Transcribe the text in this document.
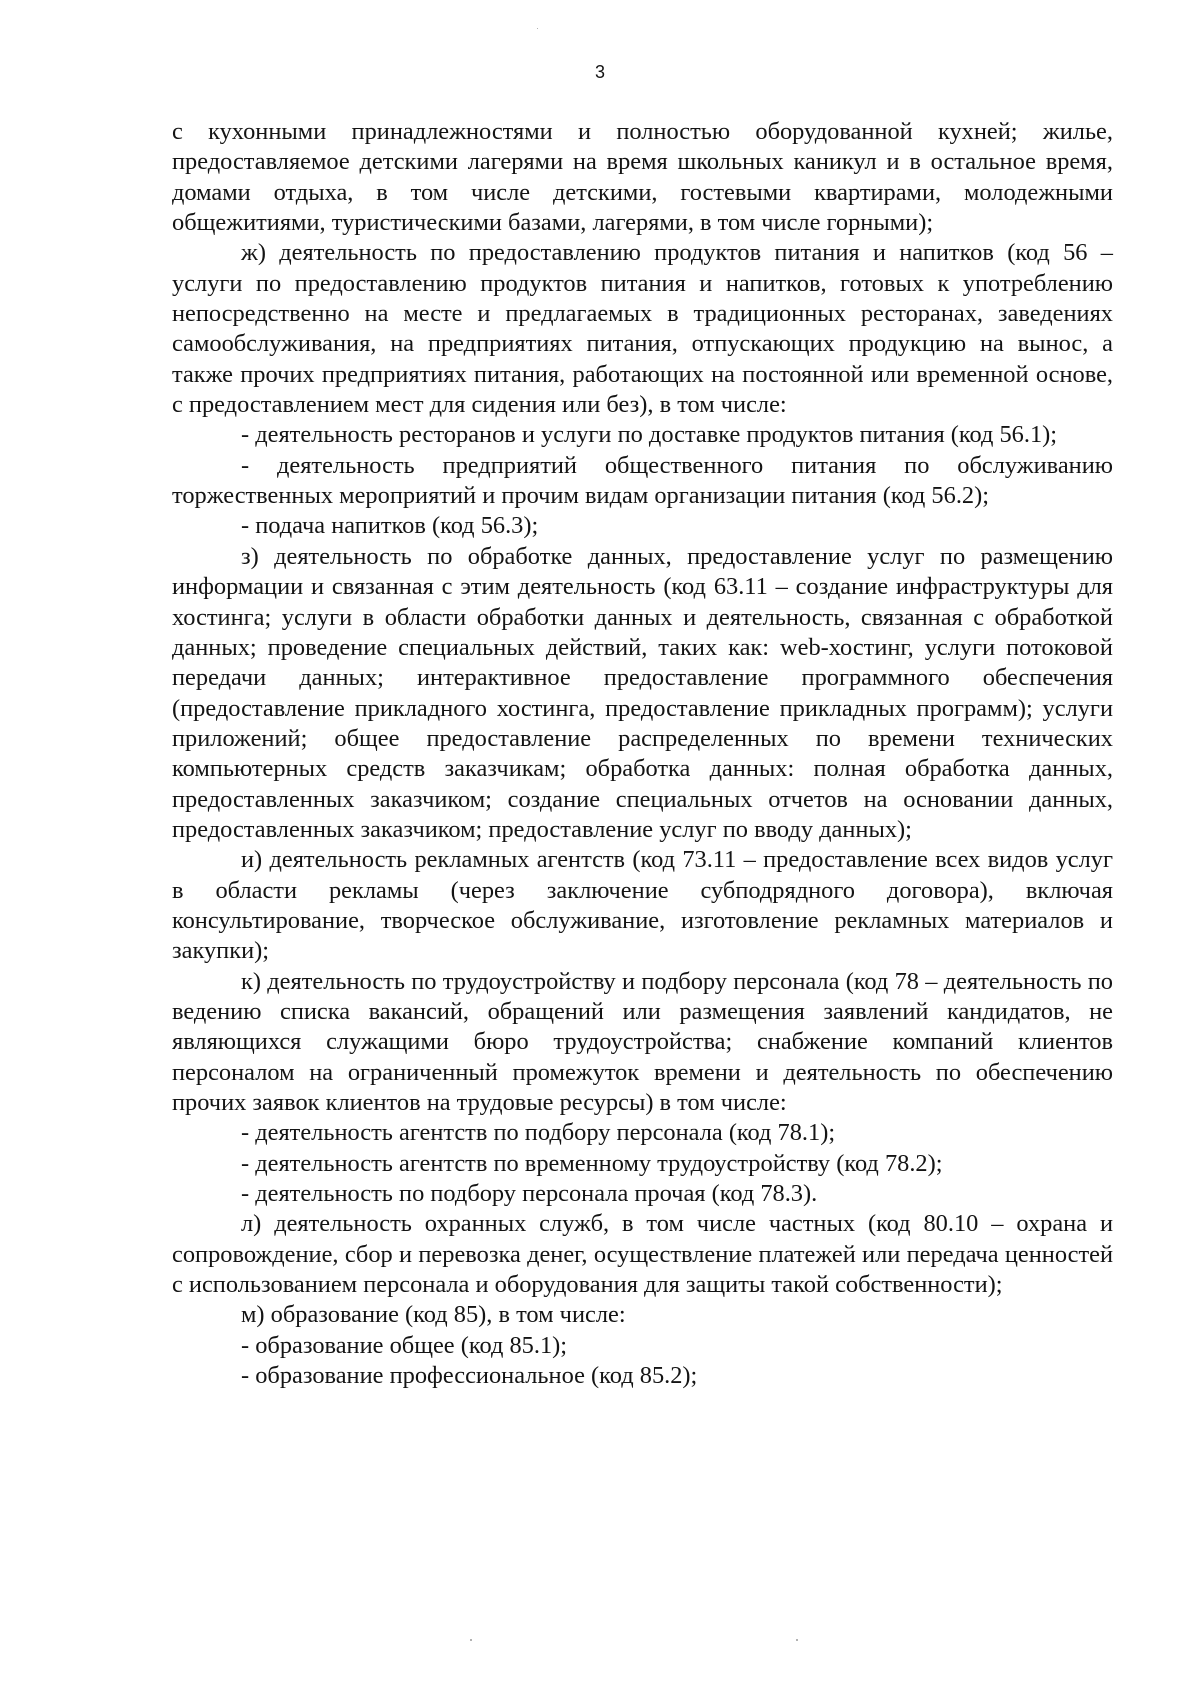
3

с кухонными принадлежностями и полностью оборудованной кухней; жилье, предоставляемое детскими лагерями на время школьных каникул и в остальное время, домами отдыха, в том числе детскими, гостевыми квартирами, молодежными общежитиями, туристическими базами, лагерями, в том числе горными);

ж) деятельность по предоставлению продуктов питания и напитков (код 56 – услуги по предоставлению продуктов питания и напитков, готовых к употреблению непосредственно на месте и предлагаемых в традиционных ресторанах, заведениях самообслуживания, на предприятиях питания, отпускающих продукцию на вынос, а также прочих предприятиях питания, работающих на постоянной или временной основе, с предоставлением мест для сидения или без), в том числе:

- деятельность ресторанов и услуги по доставке продуктов питания (код 56.1);

- деятельность предприятий общественного питания по обслуживанию торжественных мероприятий и прочим видам организации питания (код 56.2);

- подача напитков (код 56.3);

з) деятельность по обработке данных, предоставление услуг по размещению информации и связанная с этим деятельность (код 63.11 – создание инфраструктуры для хостинга; услуги в области обработки данных и деятельность, связанная с обработкой данных; проведение специальных действий, таких как: web-хостинг, услуги потоковой передачи данных; интерактивное предоставление программного обеспечения (предоставление прикладного хостинга, предоставление прикладных программ); услуги приложений; общее предоставление распределенных по времени технических компьютерных средств заказчикам; обработка данных: полная обработка данных, предоставленных заказчиком; создание специальных отчетов на основании данных, предоставленных заказчиком; предоставление услуг по вводу данных);

и) деятельность рекламных агентств (код 73.11 – предоставление всех видов услуг в области рекламы (через заключение субподрядного договора), включая консультирование, творческое обслуживание, изготовление рекламных материалов и закупки);

к) деятельность по трудоустройству и подбору персонала (код 78 – деятельность по ведению списка вакансий, обращений или размещения заявлений кандидатов, не являющихся служащими бюро трудоустройства; снабжение компаний клиентов персоналом на ограниченный промежуток времени и деятельность по обеспечению прочих заявок клиентов на трудовые ресурсы) в том числе:

- деятельность агентств по подбору персонала (код 78.1);

- деятельность агентств по временному трудоустройству (код 78.2);

- деятельность по подбору персонала прочая (код 78.3).

л) деятельность охранных служб, в том числе частных (код 80.10 – охрана и сопровождение, сбор и перевозка денег, осуществление платежей или передача ценностей с использованием персонала и оборудования для защиты такой собственности);

м) образование (код 85), в том числе:

- образование общее (код 85.1);

- образование профессиональное (код 85.2);
